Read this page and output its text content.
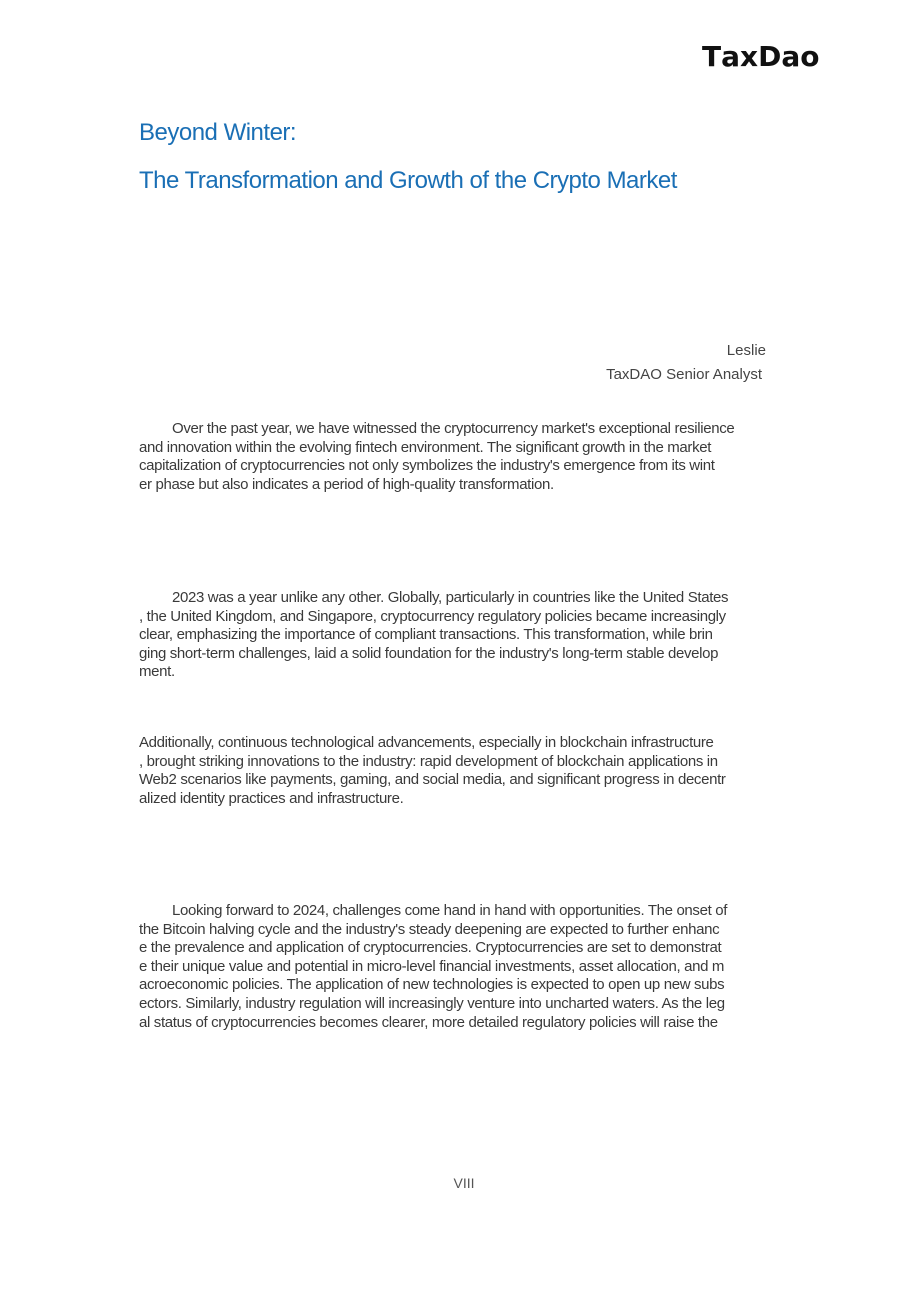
T a xD a o
Beyond Winter:
The Transformation and Growth of the Crypto Market
Leslie
TaxDAO Senior Analyst

Over the past year, we have witnessed the cryptocurrency market's exceptional resilience
and innovation within the evolving fintech environment. The significant growth in the market
capitalization of cryptocurrencies not only symbolizes the industry's emergence from its wint
er phase but also indicates a period of high-quality transformation.

2023 was a year unlike any other. Globally, particularly in countries like the United States
, the United Kingdom, and Singapore, cryptocurrency regulatory policies became increasingly
clear, emphasizing the importance of compliant transactions. This transformation, while brin
ging short-term challenges, laid a solid foundation for the industry's long-term stable develop
ment.

Additionally, continuous technological advancements, especially in blockchain infrastructure
, brought striking innovations to the industry: rapid development of blockchain applications in
Web2 scenarios like payments, gaming, and social media, and significant progress in decentr
alized identity practices and infrastructure.

Looking forward to 2024, challenges come hand in hand with opportunities. The onset of
the Bitcoin halving cycle and the industry's steady deepening are expected to further enhanc
e the prevalence and application of cryptocurrencies. Cryptocurrencies are set to demonstrat
e their unique value and potential in micro-level financial investments, asset allocation, and m
acroeconomic policies. The application of new technologies is expected to open up new subs
ectors. Similarly, industry regulation will increasingly venture into uncharted waters. As the leg
al status of cryptocurrencies becomes clearer, more detailed regulatory policies will raise the

VIII
